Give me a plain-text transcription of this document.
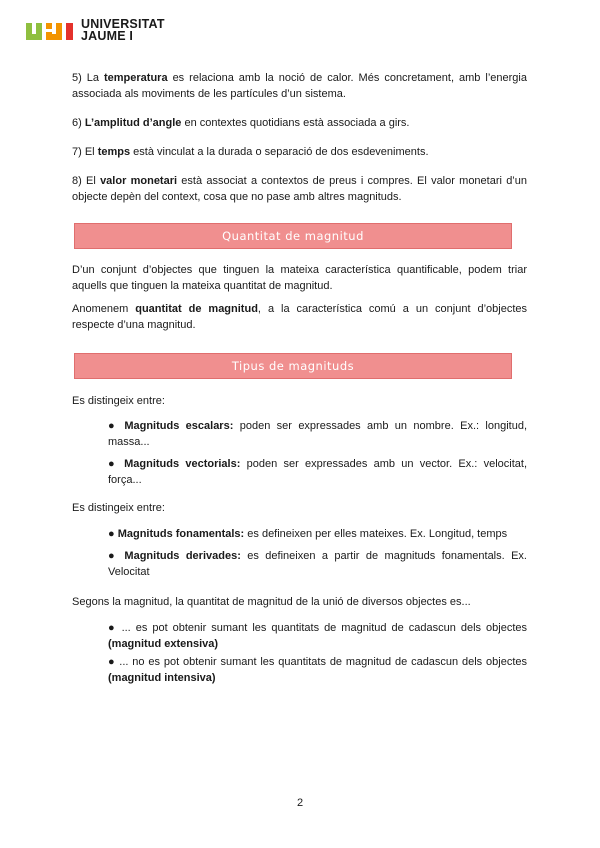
UNIVERSITAT
JAUME I

5) La temperatura es relaciona amb la noció de calor. Més concretament, amb l’energia associada als moviments de les partícules d’un sistema.

6) L’amplitud d’angle en contextes quotidians està associada a girs.

7) El temps està vinculat a la durada o separació de dos esdeveniments.

8) El valor monetari està associat a contextos de preus i compres. El valor monetari d’un objecte depèn del context, cosa que no pase amb altres magnituds.

Quantitat de magnitud

D’un conjunt d’objectes que tinguen la mateixa característica quantificable, podem triar aquells que tinguen la mateixa quantitat de magnitud.

Anomenem quantitat de magnitud, a la característica comú a un conjunt d’objectes respecte d’una magnitud.

Tipus de magnituds

Es distingeix entre:

● Magnituds escalars: poden ser expressades amb un nombre. Ex.: longitud, massa...

● Magnituds vectorials: poden ser expressades amb un vector. Ex.: velocitat, força...

Es distingeix entre:

● Magnituds fonamentals: es defineixen per elles mateixes. Ex. Longitud, temps

● Magnituds derivades: es defineixen a partir de magnituds fonamentals. Ex. Velocitat

Segons la magnitud, la quantitat de magnitud de la unió de diversos objectes es...

● ... es pot obtenir sumant les quantitats de magnitud de cadascun dels objectes (magnitud extensiva)

● ... no es pot obtenir sumant les quantitats de magnitud de cadascun dels objectes (magnitud intensiva)

2
